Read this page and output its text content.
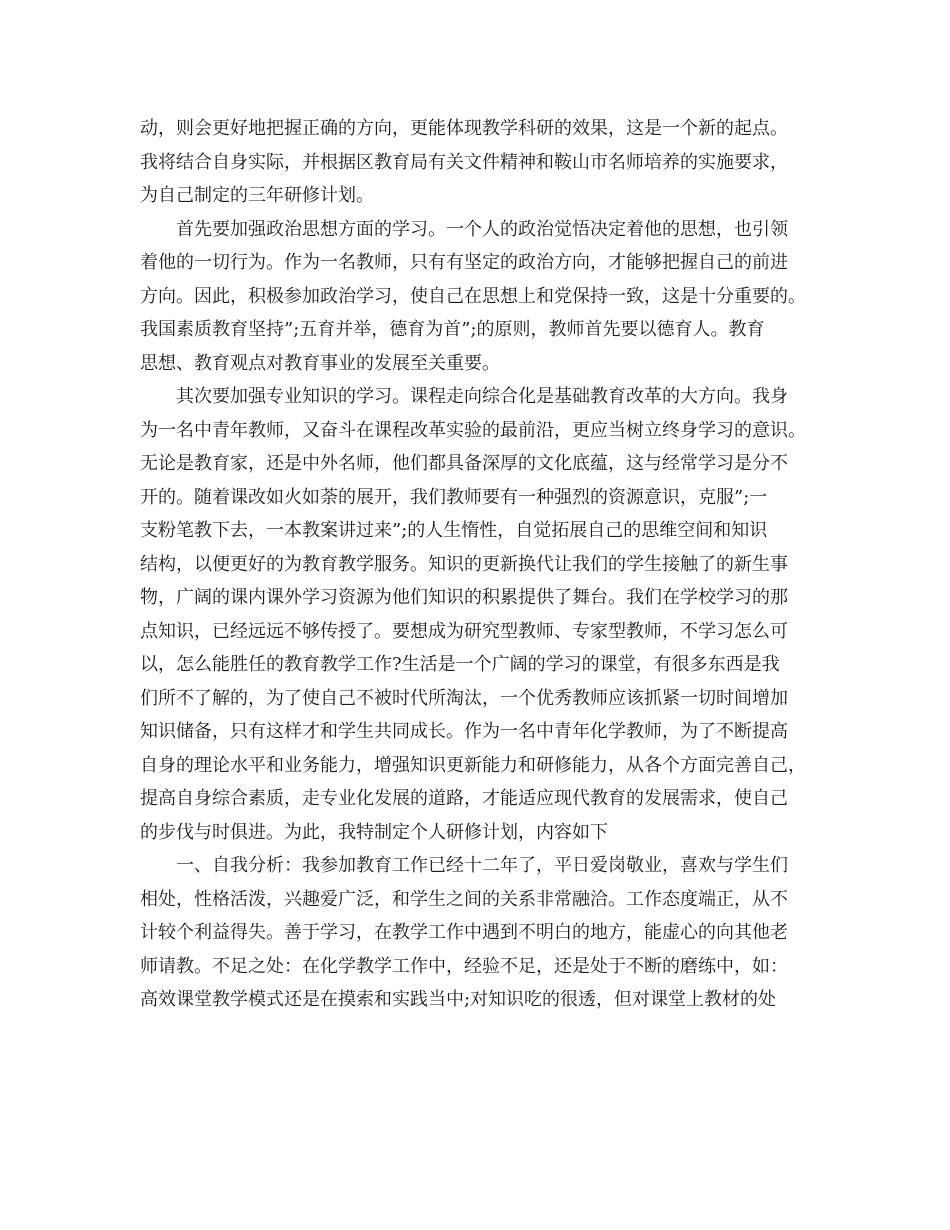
动，则会更好地把握正确的方向，更能体现教学科研的效果，这是一个新的起点。
我将结合自身实际，并根据区教育局有关文件精神和鞍山市名师培养的实施要求，
为自己制定的三年研修计划。
首先要加强政治思想方面的学习。一个人的政治觉悟决定着他的思想，也引领
着他的一切行为。作为一名教师，只有有坚定的政治方向，才能够把握自己的前进
方向。因此，积极参加政治学习，使自己在思想上和党保持一致，这是十分重要的。
我国素质教育坚持”;五育并举，德育为首”;的原则，教师首先要以德育人。教育
思想、教育观点对教育事业的发展至关重要。
其次要加强专业知识的学习。课程走向综合化是基础教育改革的大方向。我身
为一名中青年教师，又奋斗在课程改革实验的最前沿，更应当树立终身学习的意识。
无论是教育家，还是中外名师，他们都具备深厚的文化底蕴，这与经常学习是分不
开的。随着课改如火如荼的展开，我们教师要有一种强烈的资源意识，克服”;一
支粉笔教下去，一本教案讲过来”;的人生惰性，自觉拓展自己的思维空间和知识
结构，以便更好的为教育教学服务。知识的更新换代让我们的学生接触了的新生事
物，广阔的课内课外学习资源为他们知识的积累提供了舞台。我们在学校学习的那
点知识，已经远远不够传授了。要想成为研究型教师、专家型教师，不学习怎么可
以，怎么能胜任的教育教学工作?生活是一个广阔的学习的课堂，有很多东西是我
们所不了解的，为了使自己不被时代所淘汰，一个优秀教师应该抓紧一切时间增加
知识储备，只有这样才和学生共同成长。作为一名中青年化学教师，为了不断提高
自身的理论水平和业务能力，增强知识更新能力和研修能力，从各个方面完善自己，
提高自身综合素质，走专业化发展的道路，才能适应现代教育的发展需求，使自己
的步伐与时俱进。为此，我特制定个人研修计划，内容如下
一、自我分析：我参加教育工作已经十二年了，平日爱岗敬业，喜欢与学生们
相处，性格活泼，兴趣爱广泛，和学生之间的关系非常融洽。工作态度端正，从不
计较个利益得失。善于学习，在教学工作中遇到不明白的地方，能虚心的向其他老
师请教。不足之处：在化学教学工作中，经验不足，还是处于不断的磨练中，如：
高效课堂教学模式还是在摸索和实践当中;对知识吃的很透，但对课堂上教材的处
